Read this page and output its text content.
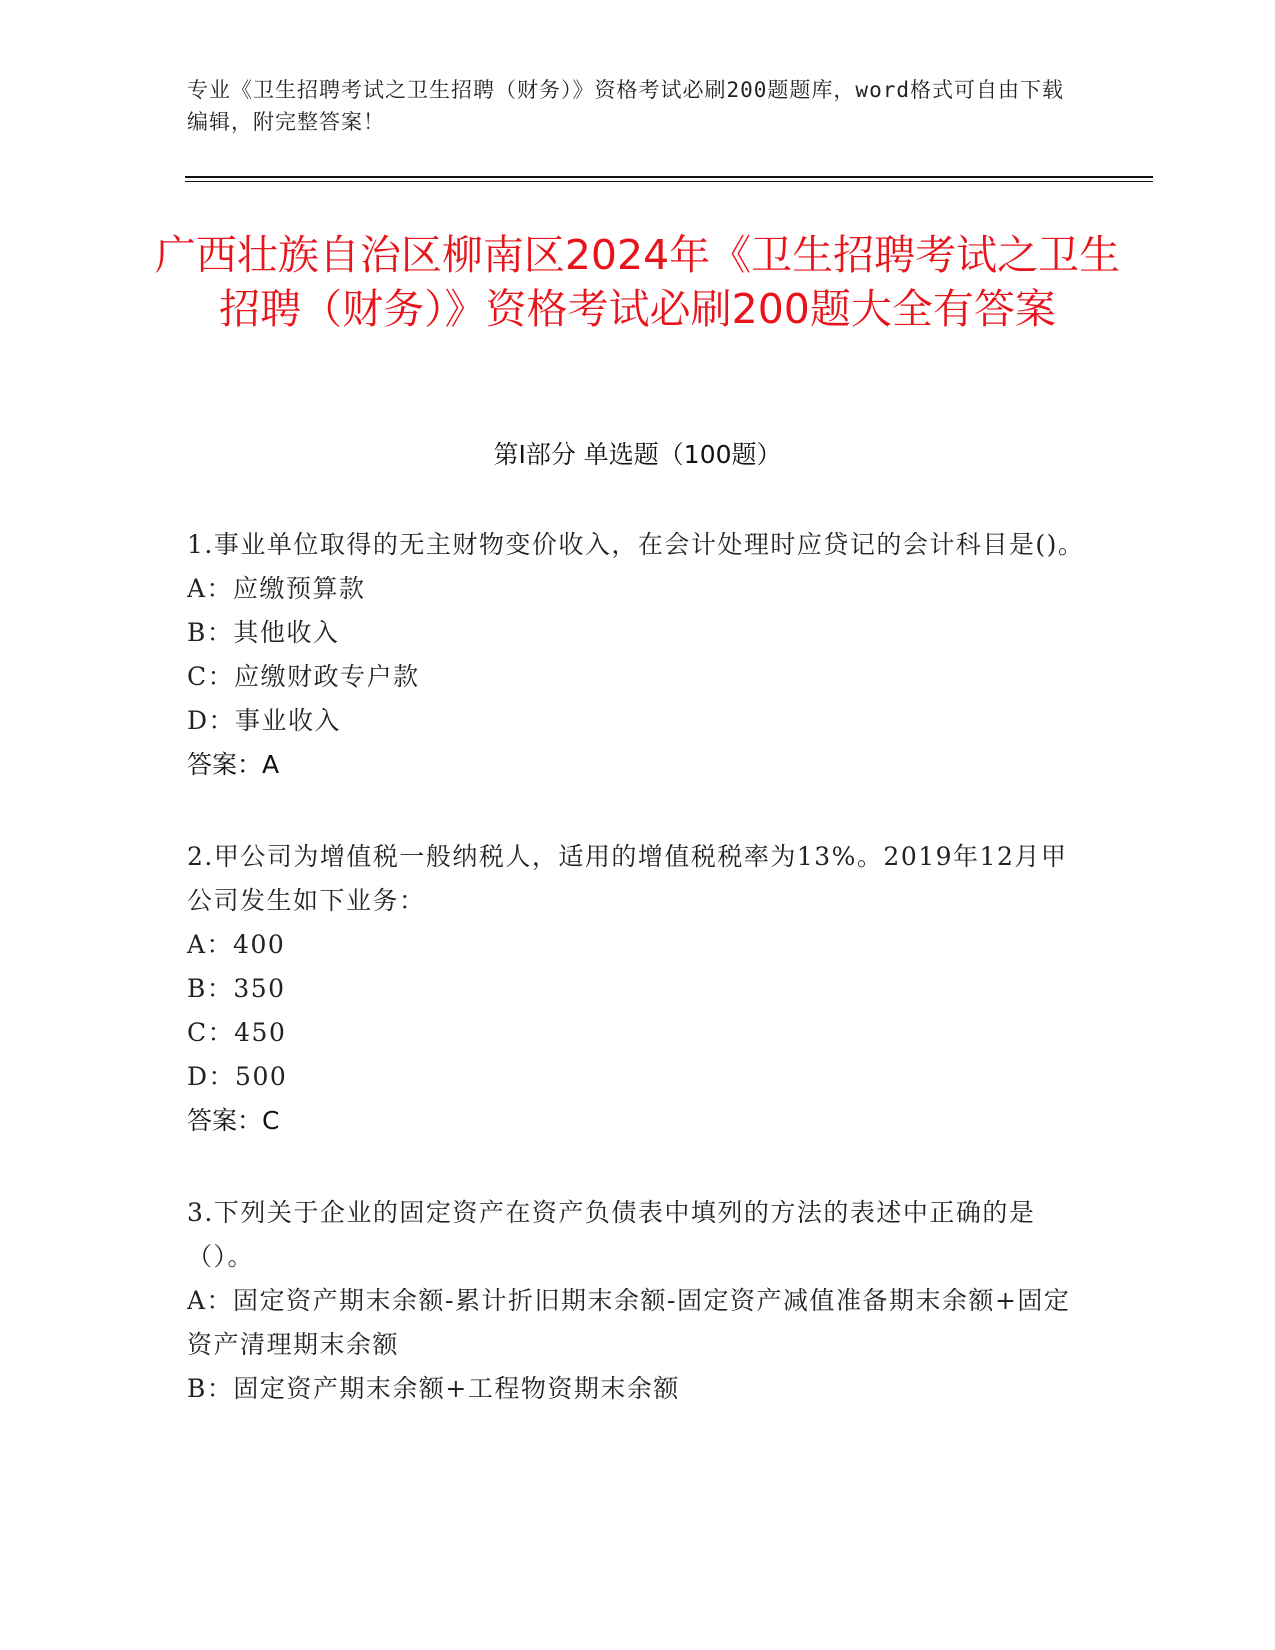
专业《卫生招聘考试之卫生招聘（财务）》资格考试必刷200题题库，word格式可自由下载编辑，附完整答案！
广西壮族自治区柳南区2024年《卫生招聘考试之卫生招聘（财务）》资格考试必刷200题大全有答案
第I部分 单选题（100题）
1.事业单位取得的无主财物变价收入，在会计处理时应贷记的会计科目是()。
A：应缴预算款
B：其他收入
C：应缴财政专户款
D：事业收入
答案：A
2.甲公司为增值税一般纳税人，适用的增值税税率为13%。2019年12月甲公司发生如下业务：
A：400
B：350
C：450
D：500
答案：C
3.下列关于企业的固定资产在资产负债表中填列的方法的表述中正确的是（）。
A：固定资产期末余额-累计折旧期末余额-固定资产减值准备期末余额+固定资产清理期末余额
B：固定资产期末余额+工程物资期末余额
